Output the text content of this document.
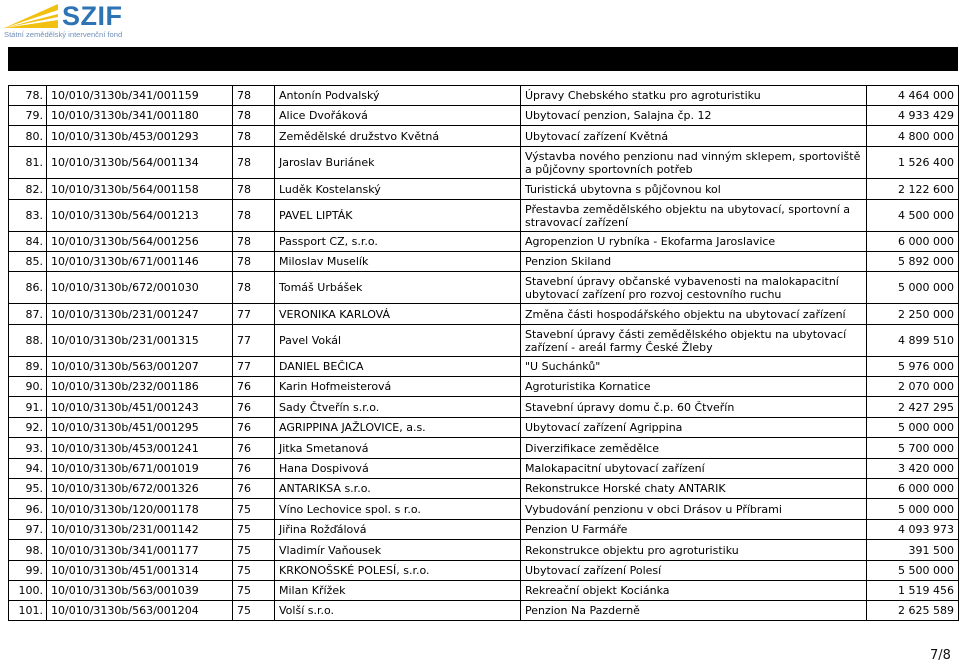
SZIF
Státní zemědělský intervenční fond
78.	10/010/3130b/341/001159	78	Antonín Podvalský	Úpravy Chebského statku pro agroturistiku	4 464 000
79.	10/010/3130b/341/001180	78	Alice Dvořáková	Ubytovací penzion, Salajna čp. 12	4 933 429
80.	10/010/3130b/453/001293	78	Zemědělské družstvo Květná	Ubytovací zařízení Květná	4 800 000
81.	10/010/3130b/564/001134	78	Jaroslav Buriánek	Výstavba nového penzionu nad vinným sklepem, sportoviště a půjčovny sportovních potřeb	1 526 400
82.	10/010/3130b/564/001158	78	Luděk Kostelanský	Turistická ubytovna s půjčovnou kol	2 122 600
83.	10/010/3130b/564/001213	78	PAVEL LIPTÁK	Přestavba zemědělského objektu na ubytovací, sportovní a stravovací zařízení	4 500 000
84.	10/010/3130b/564/001256	78	Passport CZ, s.r.o.	Agropenzion U rybníka - Ekofarma Jaroslavice	6 000 000
85.	10/010/3130b/671/001146	78	Miloslav Muselík	Penzion Skiland	5 892 000
86.	10/010/3130b/672/001030	78	Tomáš Urbášek	Stavební úpravy občanské vybavenosti na malokapacitní ubytovací zařízení pro rozvoj cestovního ruchu	5 000 000
87.	10/010/3130b/231/001247	77	VERONIKA KARLOVÁ	Změna části hospodářského objektu na ubytovací zařízení	2 250 000
88.	10/010/3130b/231/001315	77	Pavel Vokál	Stavební úpravy části zemědělského objektu na ubytovací zařízení - areál farmy České Žleby	4 899 510
89.	10/010/3130b/563/001207	77	DANIEL BEČICA	"U Suchánků"	5 976 000
90.	10/010/3130b/232/001186	76	Karin Hofmeisterová	Agroturistika Kornatice	2 070 000
91.	10/010/3130b/451/001243	76	Sady Čtveřín s.r.o.	Stavební úpravy domu č.p. 60 Čtveřín	2 427 295
92.	10/010/3130b/451/001295	76	AGRIPPINA JAŽLOVICE, a.s.	Ubytovací zařízení Agrippina	5 000 000
93.	10/010/3130b/453/001241	76	Jitka Smetanová	Diverzifikace zemědělce	5 700 000
94.	10/010/3130b/671/001019	76	Hana Dospivová	Malokapacitní ubytovací zařízení	3 420 000
95.	10/010/3130b/672/001326	76	ANTARIKSA s.r.o.	Rekonstrukce Horské chaty ANTARIK	6 000 000
96.	10/010/3130b/120/001178	75	Víno Lechovice spol. s r.o.	Vybudování penzionu v obci Drásov u Příbrami	5 000 000
97.	10/010/3130b/231/001142	75	Jiřina Rožďálová	Penzion U Farmáře	4 093 973
98.	10/010/3130b/341/001177	75	Vladimír Vaňousek	Rekonstrukce objektu pro agroturistiku	391 500
99.	10/010/3130b/451/001314	75	KRKONOŠSKÉ POLESÍ, s.r.o.	Ubytovací zařízení Polesí	5 500 000
100.	10/010/3130b/563/001039	75	Milan Křížek	Rekreační objekt Kociánka	1 519 456
101.	10/010/3130b/563/001204	75	Volší s.r.o.	Penzion Na Pazderně	2 625 589
7/8
